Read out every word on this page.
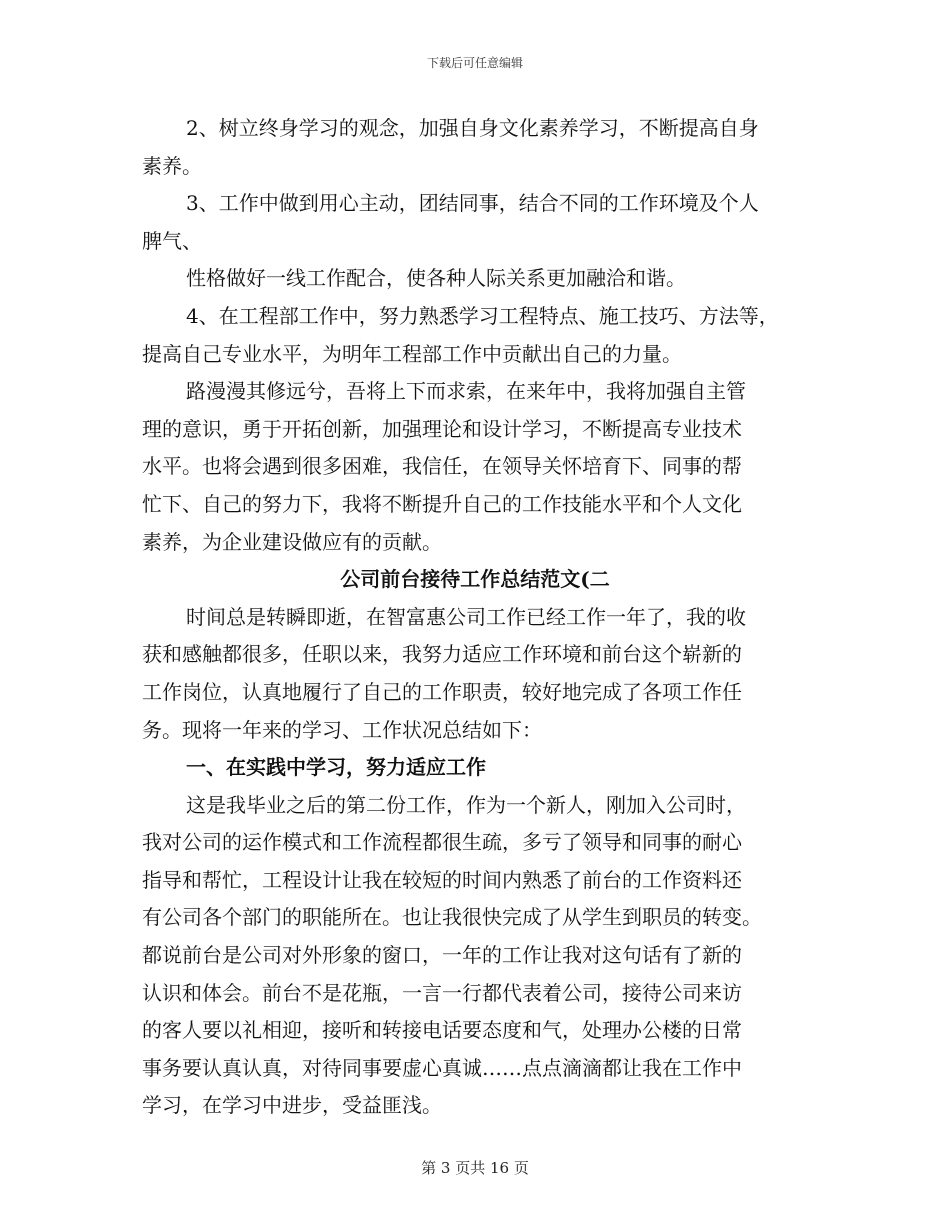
下载后可任意编辑
2、树立终身学习的观念，加强自身文化素养学习，不断提高自身
素养。
3、工作中做到用心主动，团结同事，结合不同的工作环境及个人
脾气、
性格做好一线工作配合，使各种人际关系更加融洽和谐。
4、在工程部工作中，努力熟悉学习工程特点、施工技巧、方法等，
提高自己专业水平，为明年工程部工作中贡献出自己的力量。
路漫漫其修远兮，吾将上下而求索，在来年中，我将加强自主管
理的意识，勇于开拓创新，加强理论和设计学习，不断提高专业技术
水平。也将会遇到很多困难，我信任，在领导关怀培育下、同事的帮
忙下、自己的努力下，我将不断提升自己的工作技能水平和个人文化
素养，为企业建设做应有的贡献。
公司前台接待工作总结范文(二
时间总是转瞬即逝，在智富惠公司工作已经工作一年了，我的收
获和感触都很多，任职以来，我努力适应工作环境和前台这个崭新的
工作岗位，认真地履行了自己的工作职责，较好地完成了各项工作任
务。现将一年来的学习、工作状况总结如下：
一、在实践中学习，努力适应工作
这是我毕业之后的第二份工作，作为一个新人，刚加入公司时，
我对公司的运作模式和工作流程都很生疏，多亏了领导和同事的耐心
指导和帮忙，工程设计让我在较短的时间内熟悉了前台的工作资料还
有公司各个部门的职能所在。也让我很快完成了从学生到职员的转变。
都说前台是公司对外形象的窗口，一年的工作让我对这句话有了新的
认识和体会。前台不是花瓶，一言一行都代表着公司，接待公司来访
的客人要以礼相迎，接听和转接电话要态度和气，处理办公楼的日常
事务要认真认真，对待同事要虚心真诚……点点滴滴都让我在工作中
学习，在学习中进步，受益匪浅。
第 3 页共 16 页
